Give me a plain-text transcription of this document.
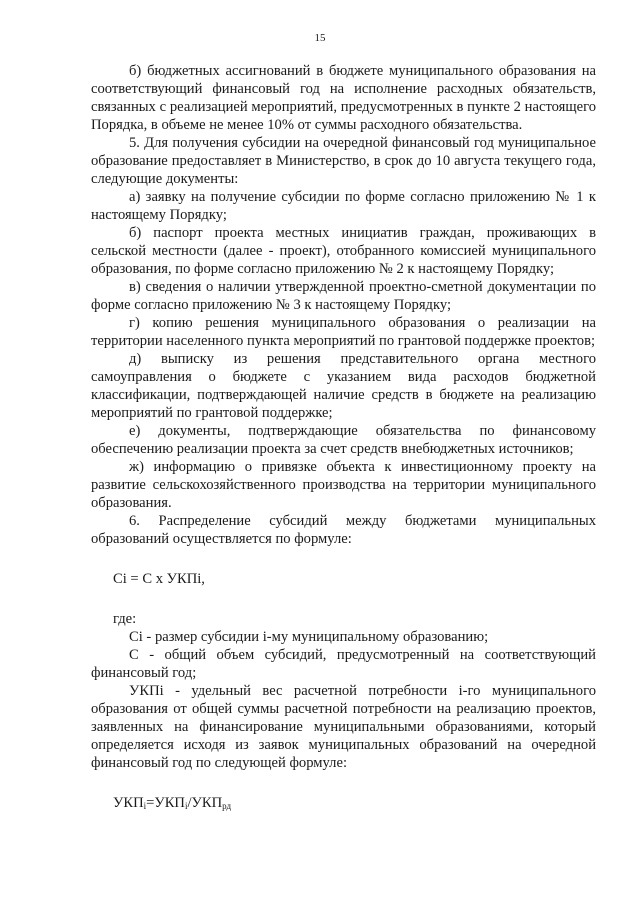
15

б) бюджетных ассигнований в бюджете муниципального образования на соответствующий финансовый год на исполнение расходных обязательств, связанных с реализацией мероприятий, предусмотренных в пункте 2 настоящего Порядка, в объеме не менее 10% от суммы расходного обязательства.

5. Для получения субсидии на очередной финансовый год муниципальное образование предоставляет в Министерство, в срок до 10 августа текущего года, следующие документы:

а) заявку на получение субсидии по форме согласно приложению № 1 к настоящему Порядку;

б) паспорт проекта местных инициатив граждан, проживающих в сельской местности (далее - проект), отобранного комиссией муниципального образования, по форме согласно приложению № 2 к настоящему Порядку;

в) сведения о наличии утвержденной проектно-сметной документации по форме согласно приложению № 3 к настоящему Порядку;

г) копию решения муниципального образования о реализации на территории населенного пункта мероприятий по грантовой поддержке проектов;

д) выписку из решения представительного органа местного самоуправления о бюджете с указанием вида расходов бюджетной классификации, подтверждающей наличие средств в бюджете на реализацию мероприятий по грантовой поддержке;

е) документы, подтверждающие обязательства по финансовому обеспечению реализации проекта за счет средств внебюджетных источников;

ж) информацию о привязке объекта к инвестиционному проекту на развитие сельскохозяйственного производства на территории муниципального образования.

6. Распределение субсидий между бюджетами муниципальных образований осуществляется по формуле:

Ci = C x УКПi,

где:

Ci - размер субсидии i-му муниципальному образованию;

С - общий объем субсидий, предусмотренный на соответствующий финансовый год;

УКПi - удельный вес расчетной потребности i-го муниципального образования от общей суммы расчетной потребности на реализацию проектов, заявленных на финансирование муниципальными образованиями, который определяется исходя из заявок муниципальных образований на очередной финансовый год по следующей формуле:

$УКП_i=УКП_i/УКП_{рд}$
